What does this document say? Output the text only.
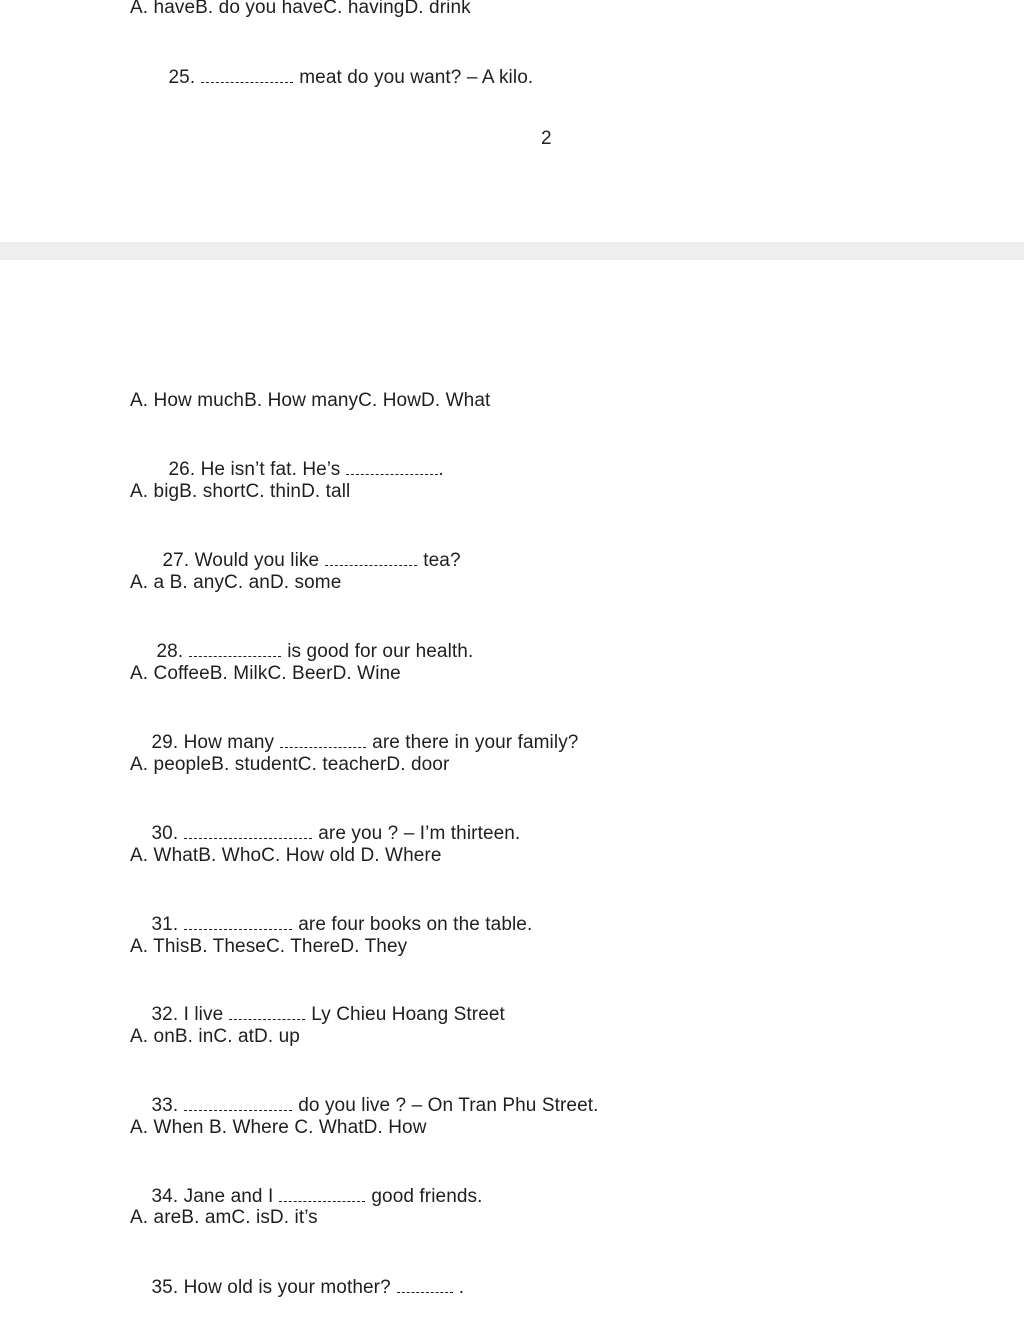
A. haveB. do you haveC. havingD. drink

25.	meat do you want? – A kilo.

2
A. How muchB. How manyC. HowD. What

26. He isn’t fat. He’s	.

A. bigB. shortC. thinD. tall

27. Would you like	tea?

A. a B. anyC. anD. some

28.	is good for our health.

A. CoffeeB. MilkC. BeerD. Wine

29. How many	are there in your family?

A. peopleB. studentC. teacherD. door

30.	are you ? – I’m thirteen.

A. WhatB. WhoC. How old D. Where

31.	are four books on the table.

A. ThisB. TheseC. ThereD. They

32. I live	Ly Chieu Hoang Street

A. onB. inC. atD. up

33.	do you live ? – On Tran Phu Street.

A. When B. Where C. WhatD. How

34. Jane and I	good friends.

A. areB. amC. isD. it’s

35. How old is your mother?	.
